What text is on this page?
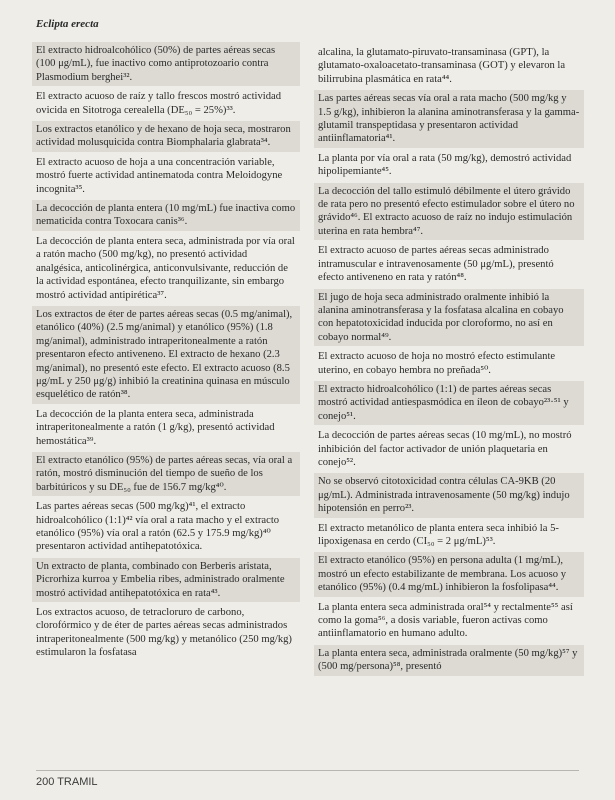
Eclipta erecta

El extracto hidroalcohólico (50%) de partes aéreas secas (100 μg/mL), fue inactivo como antiprotozoario contra Plasmodium berghei³².

El extracto acuoso de raíz y tallo frescos mostró actividad ovicida en Sitotroga cerealella (DE₅₀ = 25%)³³.

Los extractos etanólico y de hexano de hoja seca, mostraron actividad molusquicida contra Biomphalaria glabrata³⁴.

El extracto acuoso de hoja a una concentración variable, mostró fuerte actividad antinematoda contra Meloidogyne incognita³⁵.

La decocción de planta entera (10 mg/mL) fue inactiva como nematicida contra Toxocara canis³⁶.

La decocción de planta entera seca, administrada por vía oral a ratón macho (500 mg/kg), no presentó actividad analgésica, anticolinérgica, anticonvulsivante, reducción de la actividad espontánea, efecto tranquilizante, sin embargo mostró actividad antipirética³⁷.

Los extractos de éter de partes aéreas secas (0.5 mg/animal), etanólico (40%) (2.5 mg/animal) y etanólico (95%) (1.8 mg/animal), administrado intraperitonealmente a ratón presentaron efecto antiveneno. El extracto de hexano (2.3 mg/animal), no presentó este efecto. El extracto acuoso (8.5 μg/mL y 250 μg/g) inhibió la creatinina quinasa en músculo esquelético de ratón³⁸.

La decocción de la planta entera seca, administrada intraperitonealmente a ratón (1 g/kg), presentó actividad hemostática³⁹.

El extracto etanólico (95%) de partes aéreas secas, vía oral a ratón, mostró disminución del tiempo de sueño de los barbitúricos y su DE₅₀ fue de 156.7 mg/kg⁴⁰.

Las partes aéreas secas (500 mg/kg)⁴¹, el extracto hidroalcohólico (1:1)⁴² vía oral a rata macho y el extracto etanólico (95%) vía oral a ratón (62.5 y 175.9 mg/kg)⁴⁰ presentaron actividad antihepatotóxica.

Un extracto de planta, combinado con Berberis aristata, Picrorhiza kurroa y Embelia ribes, administrado oralmente mostró actividad antihepatotóxica en rata⁴³.

Los extractos acuoso, de tetracloruro de carbono, clorofórmico y de éter de partes aéreas secas administrados intraperitonealmente (500 mg/kg) y metanólico (250 mg/kg) estimularon la fosfatasa

alcalina, la glutamato-piruvato-transaminasa (GPT), la glutamato-oxaloacetato-transaminasa (GOT) y elevaron la bilirrubina plasmática en rata⁴⁴.

Las partes aéreas secas vía oral a rata macho (500 mg/kg y 1.5 g/kg), inhibieron la alanina aminotransferasa y la gamma-glutamil transpeptidasa y presentaron actividad antiinflamatoria⁴¹.

La planta por vía oral a rata (50 mg/kg), demostró actividad hipolipemiante⁴⁵.

La decocción del tallo estimuló débilmente el útero grávido de rata pero no presentó efecto estimulador sobre el útero no grávido⁴⁶. El extracto acuoso de raíz no indujo estimulación uterina en rata hembra⁴⁷.

El extracto acuoso de partes aéreas secas administrado intramuscular e intravenosamente (50 μg/mL), presentó efecto antiveneno en rata y ratón⁴⁸.

El jugo de hoja seca administrado oralmente inhibió la alanina aminotransferasa y la fosfatasa alcalina en cobayo con hepatotoxicidad inducida por cloroformo, no así en cobayo normal⁴⁹.

El extracto acuoso de hoja no mostró efecto estimulante uterino, en cobayo hembra no preñada⁵⁰.

El extracto hidroalcohólico (1:1) de partes aéreas secas mostró actividad antiespasmódica en íleon de cobayo²³·⁵¹ y conejo⁵¹.

La decocción de partes aéreas secas (10 mg/mL), no mostró inhibición del factor activador de unión plaquetaria en conejo⁵².

No se observó citotoxicidad contra células CA-9KB (20 μg/mL). Administrada intravenosamente (50 mg/kg) indujo hipotensión en perro²³.

El extracto metanólico de planta entera seca inhibió la 5-lipoxigenasa en cerdo (CI₅₀ = 2 μg/mL)⁵³.

El extracto etanólico (95%) en persona adulta (1 mg/mL), mostró un efecto estabilizante de membrana. Los acuoso y etanólico (95%) (0.4 mg/mL) inhibieron la fosfolipasa⁴⁴.

La planta entera seca administrada oral⁵⁴ y rectalmente⁵⁵ así como la goma⁵⁶, a dosis variable, fueron activas como antiinflamatorio en humano adulto.

La planta entera seca, administrada oralmente (50 mg/kg)⁵⁷ y (500 mg/persona)⁵⁸, presentó

200 TRAMIL
